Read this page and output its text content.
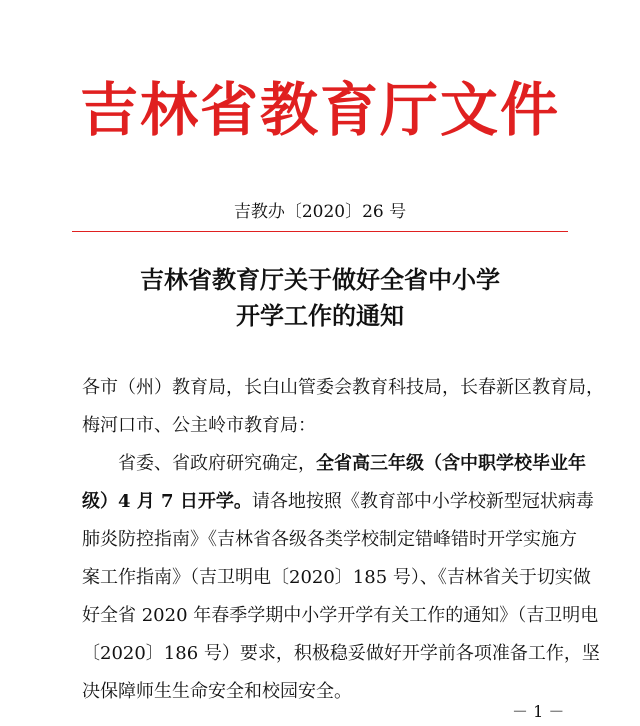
吉林省教育厅文件
吉教办〔2020〕26 号
吉林省教育厅关于做好全省中小学
开学工作的通知
各市（州）教育局，长白山管委会教育科技局，长春新区教育局，
梅河口市、公主岭市教育局：
省委、省政府研究确定，全省高三年级（含中职学校毕业年
级）4 月 7 日开学。请各地按照《教育部中小学校新型冠状病毒
肺炎防控指南》《吉林省各级各类学校制定错峰错时开学实施方
案工作指南》（吉卫明电〔2020〕185 号）、《吉林省关于切实做
好全省 2020 年春季学期中小学开学有关工作的通知》（吉卫明电
〔2020〕186 号）要求，积极稳妥做好开学前各项准备工作，坚
决保障师生生命安全和校园安全。
－ 1 －
